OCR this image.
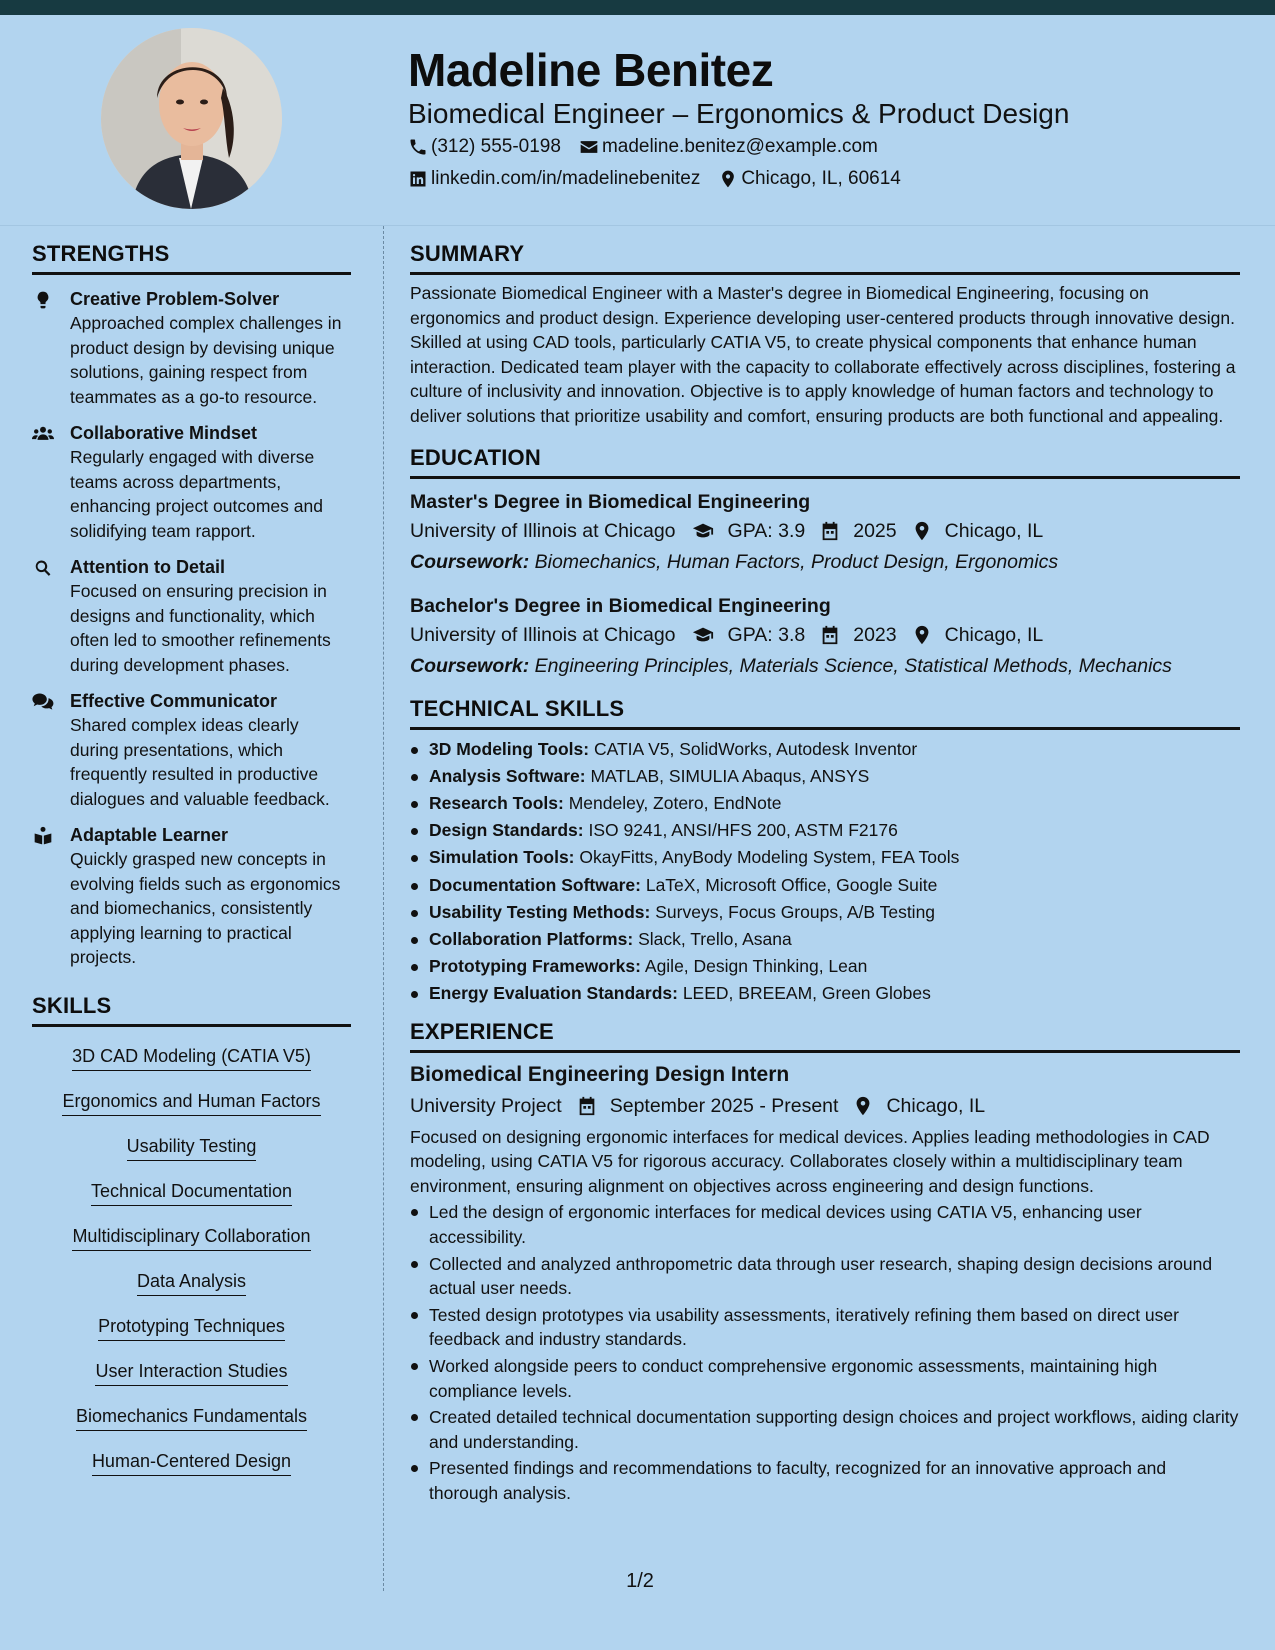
Madeline Benitez
Biomedical Engineer – Ergonomics & Product Design
(312) 555-0198 madeline.benitez@example.com
linkedin.com/in/madelinebenitez Chicago, IL, 60614
STRENGTHS
Creative Problem-Solver
Approached complex challenges in product design by devising unique solutions, gaining respect from teammates as a go-to resource.
Collaborative Mindset
Regularly engaged with diverse teams across departments, enhancing project outcomes and solidifying team rapport.
Attention to Detail
Focused on ensuring precision in designs and functionality, which often led to smoother refinements during development phases.
Effective Communicator
Shared complex ideas clearly during presentations, which frequently resulted in productive dialogues and valuable feedback.
Adaptable Learner
Quickly grasped new concepts in evolving fields such as ergonomics and biomechanics, consistently applying learning to practical projects.
SKILLS
3D CAD Modeling (CATIA V5)
Ergonomics and Human Factors
Usability Testing
Technical Documentation
Multidisciplinary Collaboration
Data Analysis
Prototyping Techniques
User Interaction Studies
Biomechanics Fundamentals
Human-Centered Design
SUMMARY
Passionate Biomedical Engineer with a Master's degree in Biomedical Engineering, focusing on ergonomics and product design. Experience developing user-centered products through innovative design. Skilled at using CAD tools, particularly CATIA V5, to create physical components that enhance human interaction. Dedicated team player with the capacity to collaborate effectively across disciplines, fostering a culture of inclusivity and innovation. Objective is to apply knowledge of human factors and technology to deliver solutions that prioritize usability and comfort, ensuring products are both functional and appealing.
EDUCATION
Master's Degree in Biomedical Engineering
University of Illinois at Chicago	GPA: 3.9 2025 Chicago, IL
Coursework: Biomechanics, Human Factors, Product Design, Ergonomics
Bachelor's Degree in Biomedical Engineering
University of Illinois at Chicago	GPA: 3.8 2023 Chicago, IL
Coursework: Engineering Principles, Materials Science, Statistical Methods, Mechanics
TECHNICAL SKILLS
3D Modeling Tools: CATIA V5, SolidWorks, Autodesk Inventor
Analysis Software: MATLAB, SIMULIA Abaqus, ANSYS
Research Tools: Mendeley, Zotero, EndNote
Design Standards: ISO 9241, ANSI/HFS 200, ASTM F2176
Simulation Tools: OkayFitts, AnyBody Modeling System, FEA Tools
Documentation Software: LaTeX, Microsoft Office, Google Suite
Usability Testing Methods: Surveys, Focus Groups, A/B Testing
Collaboration Platforms: Slack, Trello, Asana
Prototyping Frameworks: Agile, Design Thinking, Lean
Energy Evaluation Standards: LEED, BREEAM, Green Globes
EXPERIENCE
Biomedical Engineering Design Intern
University Project September 2025 - Present Chicago, IL
Focused on designing ergonomic interfaces for medical devices. Applies leading methodologies in CAD modeling, using CATIA V5 for rigorous accuracy. Collaborates closely within a multidisciplinary team environment, ensuring alignment on objectives across engineering and design functions.
Led the design of ergonomic interfaces for medical devices using CATIA V5, enhancing user accessibility.
Collected and analyzed anthropometric data through user research, shaping design decisions around actual user needs.
Tested design prototypes via usability assessments, iteratively refining them based on direct user feedback and industry standards.
Worked alongside peers to conduct comprehensive ergonomic assessments, maintaining high compliance levels.
Created detailed technical documentation supporting design choices and project workflows, aiding clarity and understanding.
Presented findings and recommendations to faculty, recognized for an innovative approach and thorough analysis.
1/2
